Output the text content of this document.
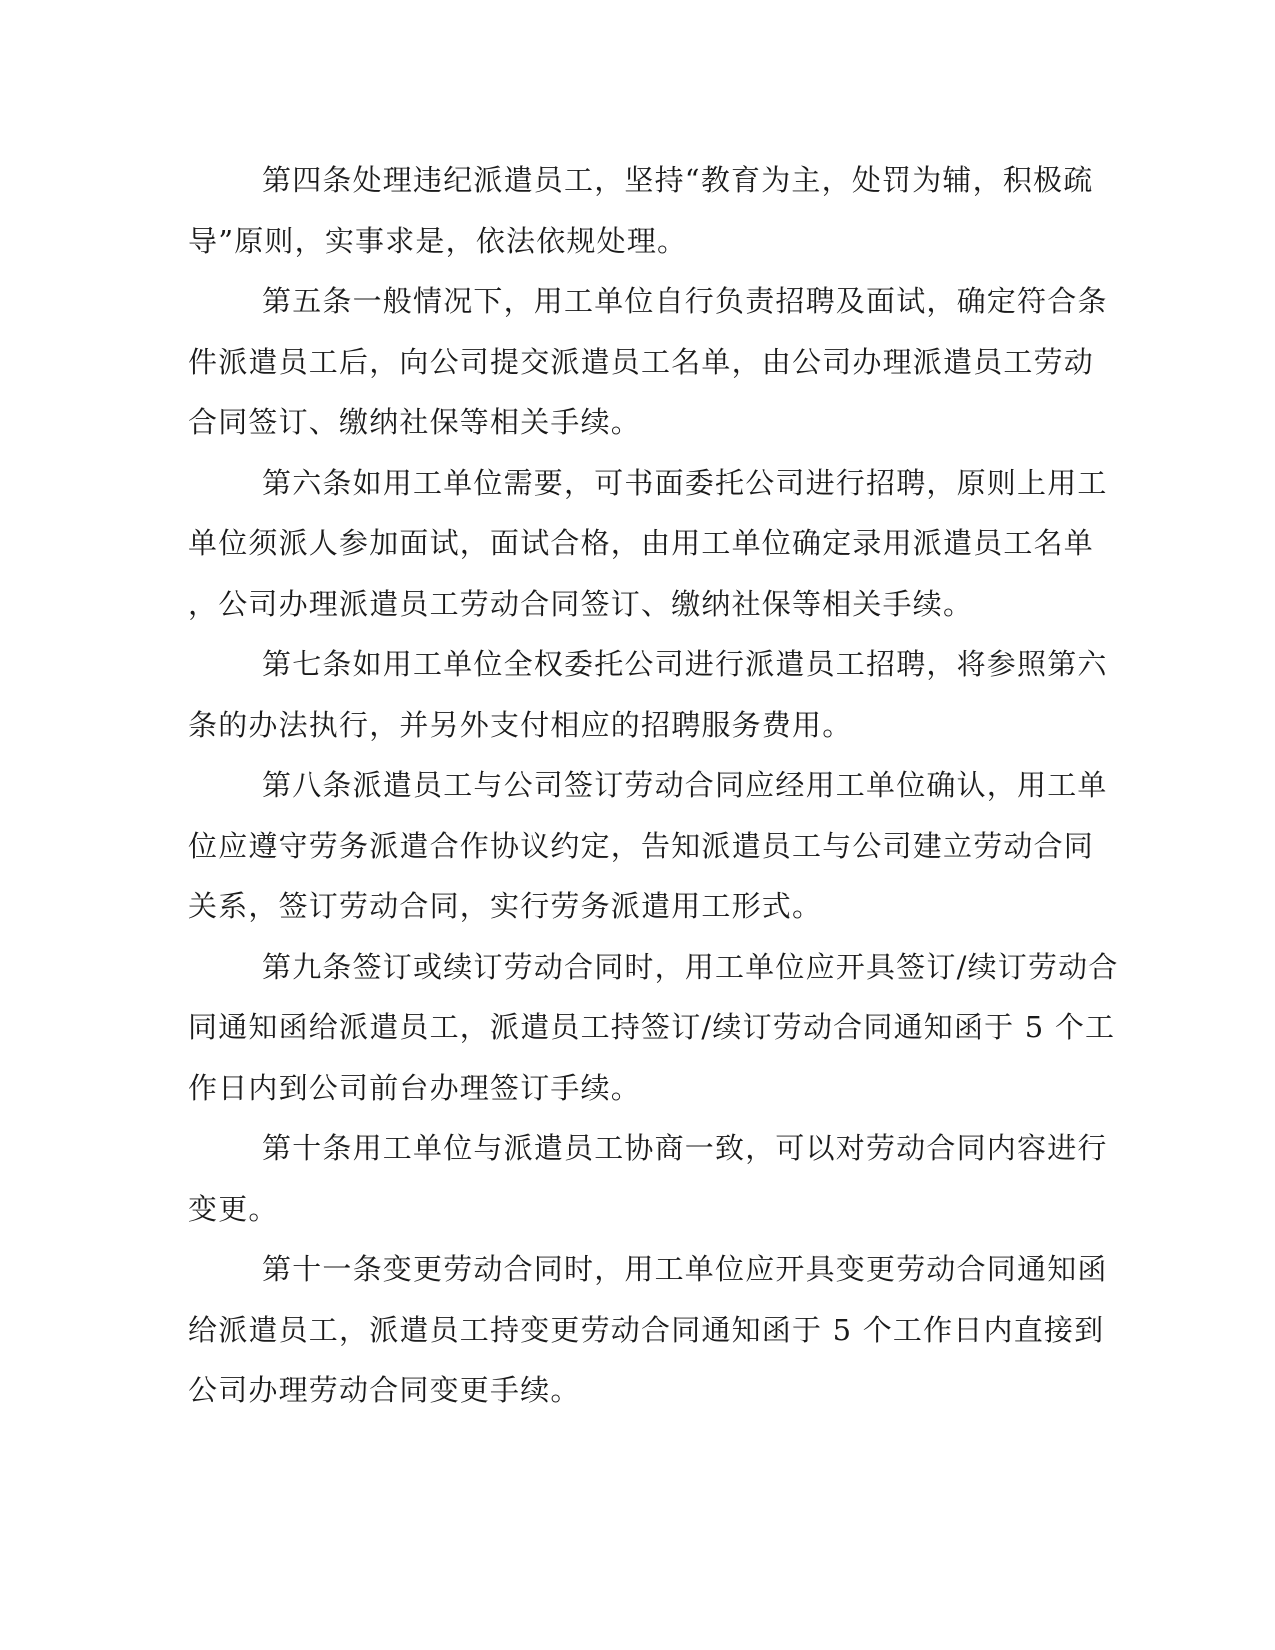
第四条处理违纪派遣员工，坚持“教育为主，处罚为辅，积极疏
导”原则，实事求是，依法依规处理。
第五条一般情况下，用工单位自行负责招聘及面试，确定符合条
件派遣员工后，向公司提交派遣员工名单，由公司办理派遣员工劳动
合同签订、缴纳社保等相关手续。
第六条如用工单位需要，可书面委托公司进行招聘，原则上用工
单位须派人参加面试，面试合格，由用工单位确定录用派遣员工名单
，公司办理派遣员工劳动合同签订、缴纳社保等相关手续。
第七条如用工单位全权委托公司进行派遣员工招聘，将参照第六
条的办法执行，并另外支付相应的招聘服务费用。
第八条派遣员工与公司签订劳动合同应经用工单位确认，用工单
位应遵守劳务派遣合作协议约定，告知派遣员工与公司建立劳动合同
关系，签订劳动合同，实行劳务派遣用工形式。
第九条签订或续订劳动合同时，用工单位应开具签订/续订劳动合
同通知函给派遣员工，派遣员工持签订/续订劳动合同通知函于 5 个工
作日内到公司前台办理签订手续。
第十条用工单位与派遣员工协商一致，可以对劳动合同内容进行
变更。
第十一条变更劳动合同时，用工单位应开具变更劳动合同通知函
给派遣员工，派遣员工持变更劳动合同通知函于 5 个工作日内直接到
公司办理劳动合同变更手续。
